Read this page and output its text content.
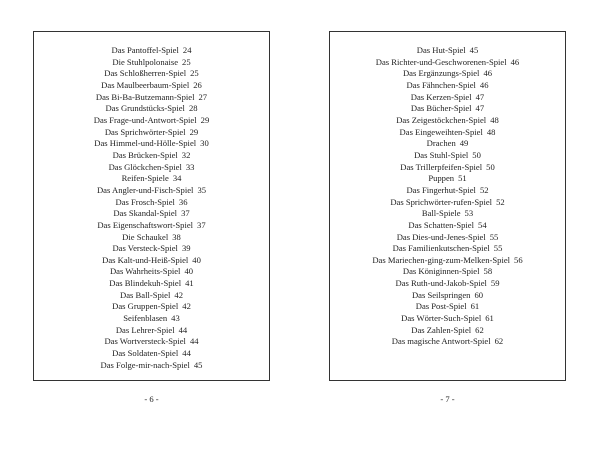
Das Pantoffel-Spiel 24
Die Stuhlpolonaise 25
Das Schloßherren-Spiel 25
Das Maulbeerbaum-Spiel 26
Das Bi-Ba-Butzemann-Spiel 27
Das Grundstücks-Spiel 28
Das Frage-und-Antwort-Spiel 29
Das Sprichwörter-Spiel 29
Das Himmel-und-Hölle-Spiel 30
Das Brücken-Spiel 32
Das Glöckchen-Spiel 33
Reifen-Spiele 34
Das Angler-und-Fisch-Spiel 35
Das Frosch-Spiel 36
Das Skandal-Spiel 37
Das Eigenschaftswort-Spiel 37
Die Schaukel 38
Das Versteck-Spiel 39
Das Kalt-und-Heiß-Spiel 40
Das Wahrheits-Spiel 40
Das Blindekuh-Spiel 41
Das Ball-Spiel 42
Das Gruppen-Spiel 42
Seifenblasen 43
Das Lehrer-Spiel 44
Das Wortversteck-Spiel 44
Das Soldaten-Spiel 44
Das Folge-mir-nach-Spiel 45
- 6 -
Das Hut-Spiel 45
Das Richter-und-Geschworenen-Spiel 46
Das Ergänzungs-Spiel 46
Das Fähnchen-Spiel 46
Das Kerzen-Spiel 47
Das Bücher-Spiel 47
Das Zeigestöckchen-Spiel 48
Das Eingeweihten-Spiel 48
Drachen 49
Das Stuhl-Spiel 50
Das Trillerpfeifen-Spiel 50
Puppen 51
Das Fingerhut-Spiel 52
Das Sprichwörter-rufen-Spiel 52
Ball-Spiele 53
Das Schatten-Spiel 54
Das Dies-und-Jenes-Spiel 55
Das Familienkutschen-Spiel 55
Das Mariechen-ging-zum-Melken-Spiel 56
Das Königinnen-Spiel 58
Das Ruth-und-Jakob-Spiel 59
Das Seilspringen 60
Das Post-Spiel 61
Das Wörter-Such-Spiel 61
Das Zahlen-Spiel 62
Das magische Antwort-Spiel 62
- 7 -
